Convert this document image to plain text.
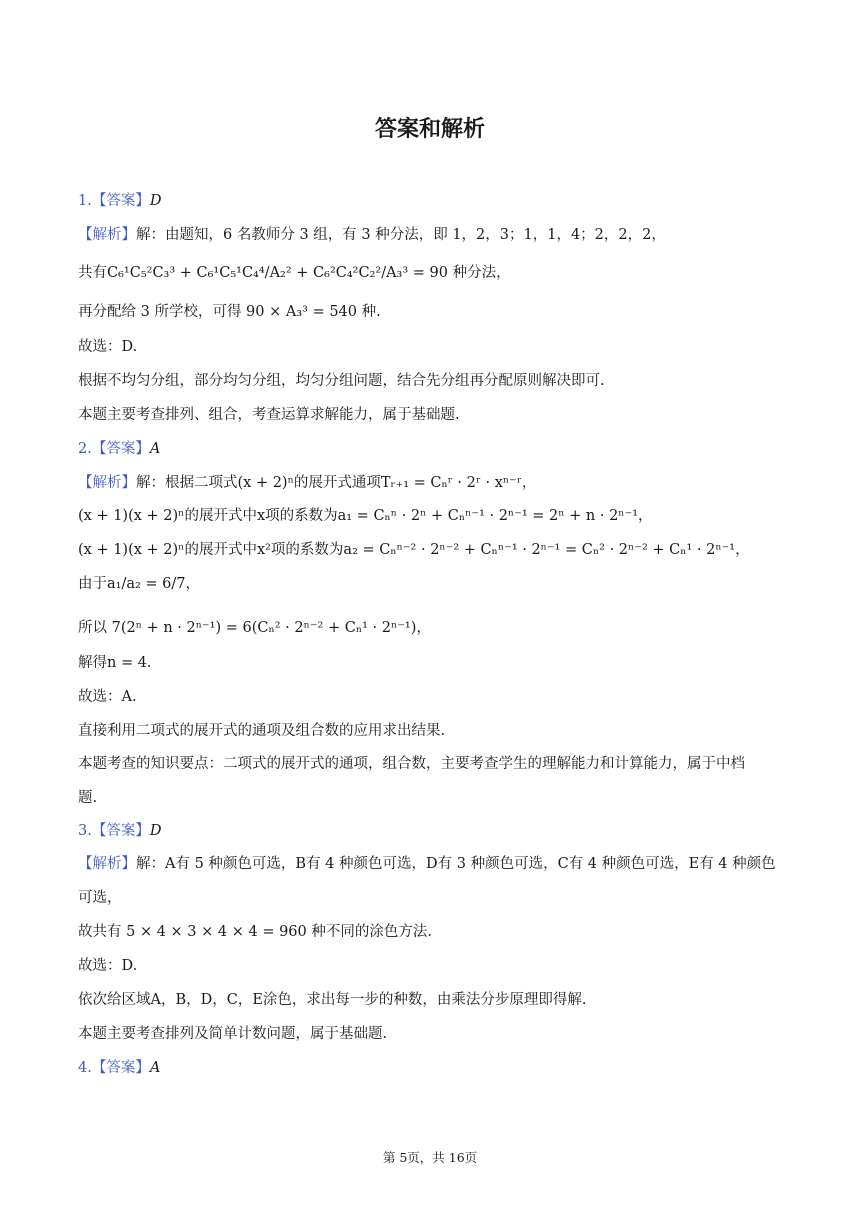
答案和解析
1.【答案】D
【解析】解：由题知，6 名教师分 3 组，有 3 种分法，即 1，2，3；1，1，4；2，2，2，
共有C₆¹C₅²C₃³ + C₆¹C₅¹C₄⁴/A₂² + C₆²C₄²C₂²/A₃³ = 90 种分法，
再分配给 3 所学校，可得 90 × A₃³ = 540 种.
故选：D.
根据不均匀分组，部分均匀分组，均匀分组问题，结合先分组再分配原则解决即可.
本题主要考查排列、组合，考查运算求解能力，属于基础题.
2.【答案】A
【解析】解：根据二项式(x + 2)ⁿ的展开式通项Tᵣ₊₁ = Cₙʳ · 2ʳ · xⁿ⁻ʳ，
(x + 1)(x + 2)ⁿ的展开式中x项的系数为a₁ = Cₙⁿ · 2ⁿ + Cₙⁿ⁻¹ · 2ⁿ⁻¹ = 2ⁿ + n · 2ⁿ⁻¹，
(x + 1)(x + 2)ⁿ的展开式中x²项的系数为a₂ = Cₙⁿ⁻² · 2ⁿ⁻² + Cₙⁿ⁻¹ · 2ⁿ⁻¹ = Cₙ² · 2ⁿ⁻² + Cₙ¹ · 2ⁿ⁻¹，
由于a₁/a₂ = 6/7，
所以 7(2ⁿ + n · 2ⁿ⁻¹) = 6(Cₙ² · 2ⁿ⁻² + Cₙ¹ · 2ⁿ⁻¹)，
解得n = 4.
故选：A.
直接利用二项式的展开式的通项及组合数的应用求出结果.
本题考查的知识要点：二项式的展开式的通项，组合数，主要考查学生的理解能力和计算能力，属于中档
题.
3.【答案】D
【解析】解：A有 5 种颜色可选，B有 4 种颜色可选，D有 3 种颜色可选，C有 4 种颜色可选，E有 4 种颜色
可选，
故共有 5 × 4 × 3 × 4 × 4 = 960 种不同的涂色方法.
故选：D.
依次给区域A，B，D，C，E涂色，求出每一步的种数，由乘法分步原理即得解.
本题主要考查排列及简单计数问题，属于基础题.
4.【答案】A
第 5页，共 16页
